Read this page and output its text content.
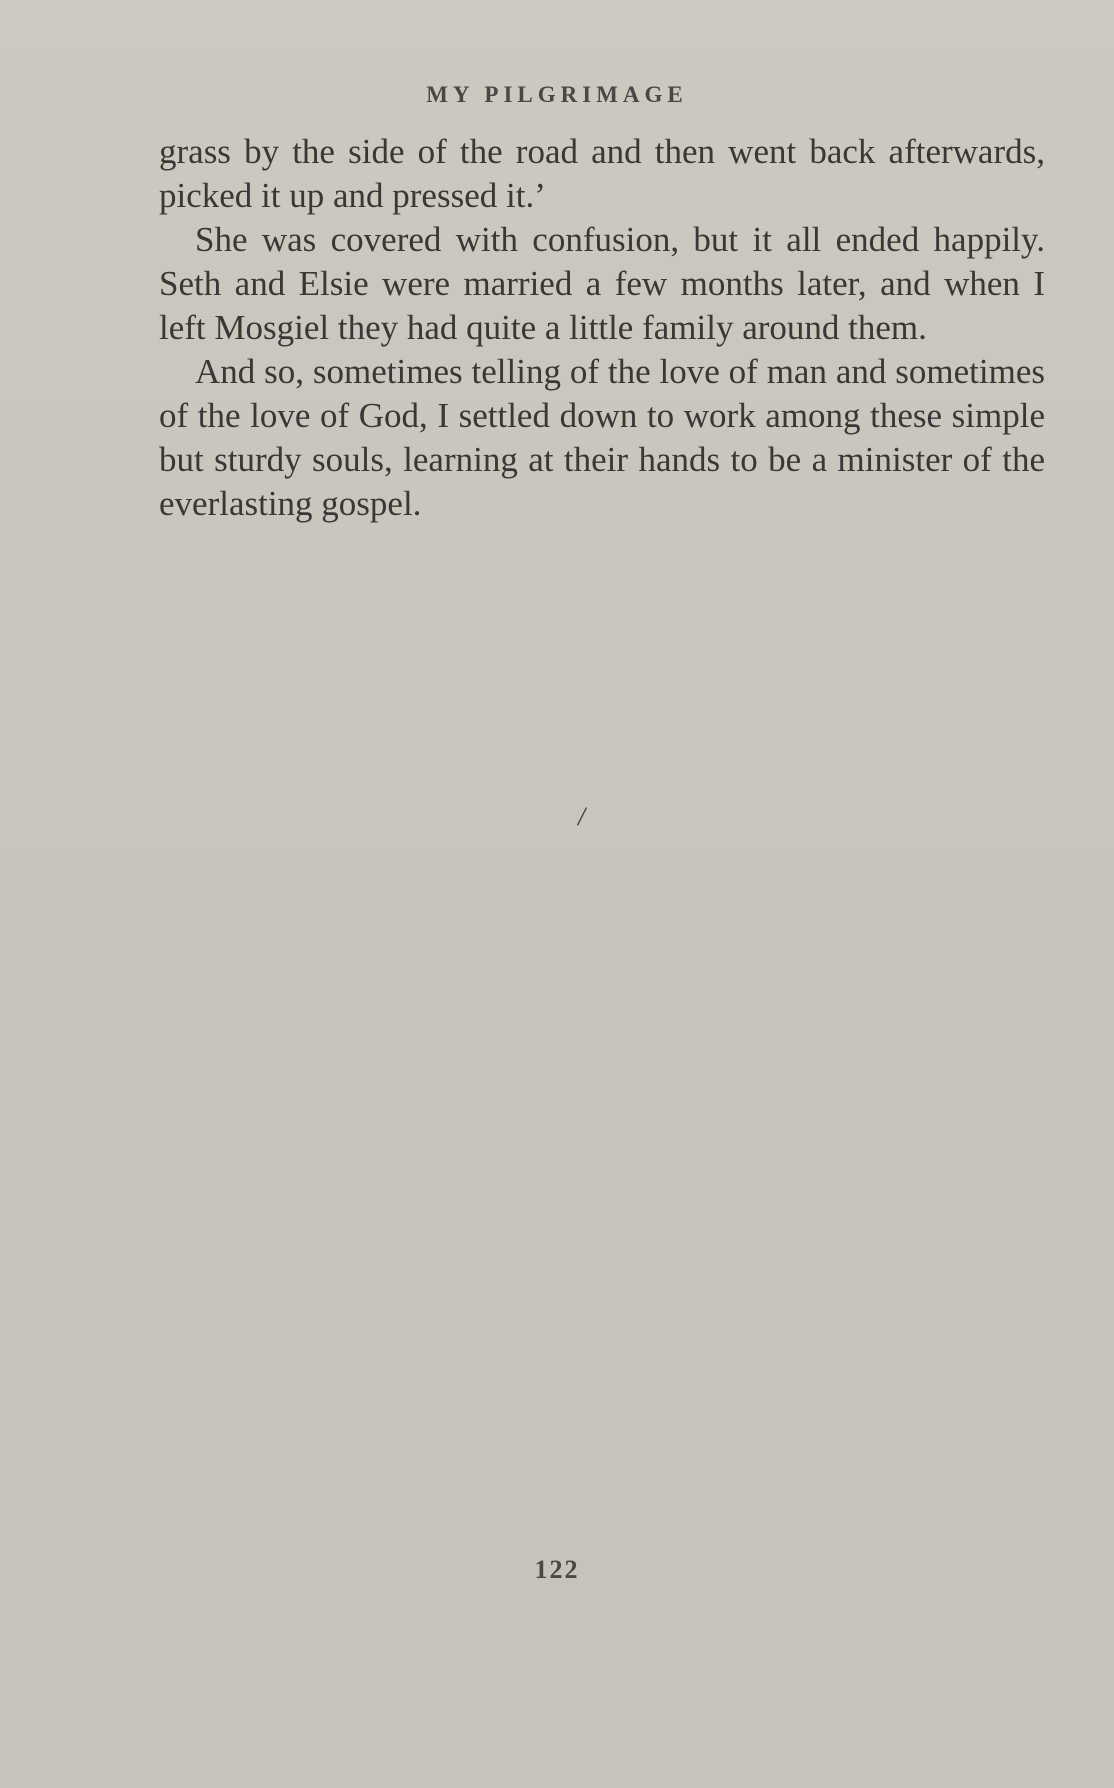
MY PILGRIMAGE

grass by the side of the road and then went back afterwards, picked it up and pressed it.’

She was covered with confusion, but it all ended happily. Seth and Elsie were married a few months later, and when I left Mosgiel they had quite a little family around them.

And so, sometimes telling of the love of man and sometimes of the love of God, I settled down to work among these simple but sturdy souls, learning at their hands to be a minister of the everlasting gospel.

/
122
